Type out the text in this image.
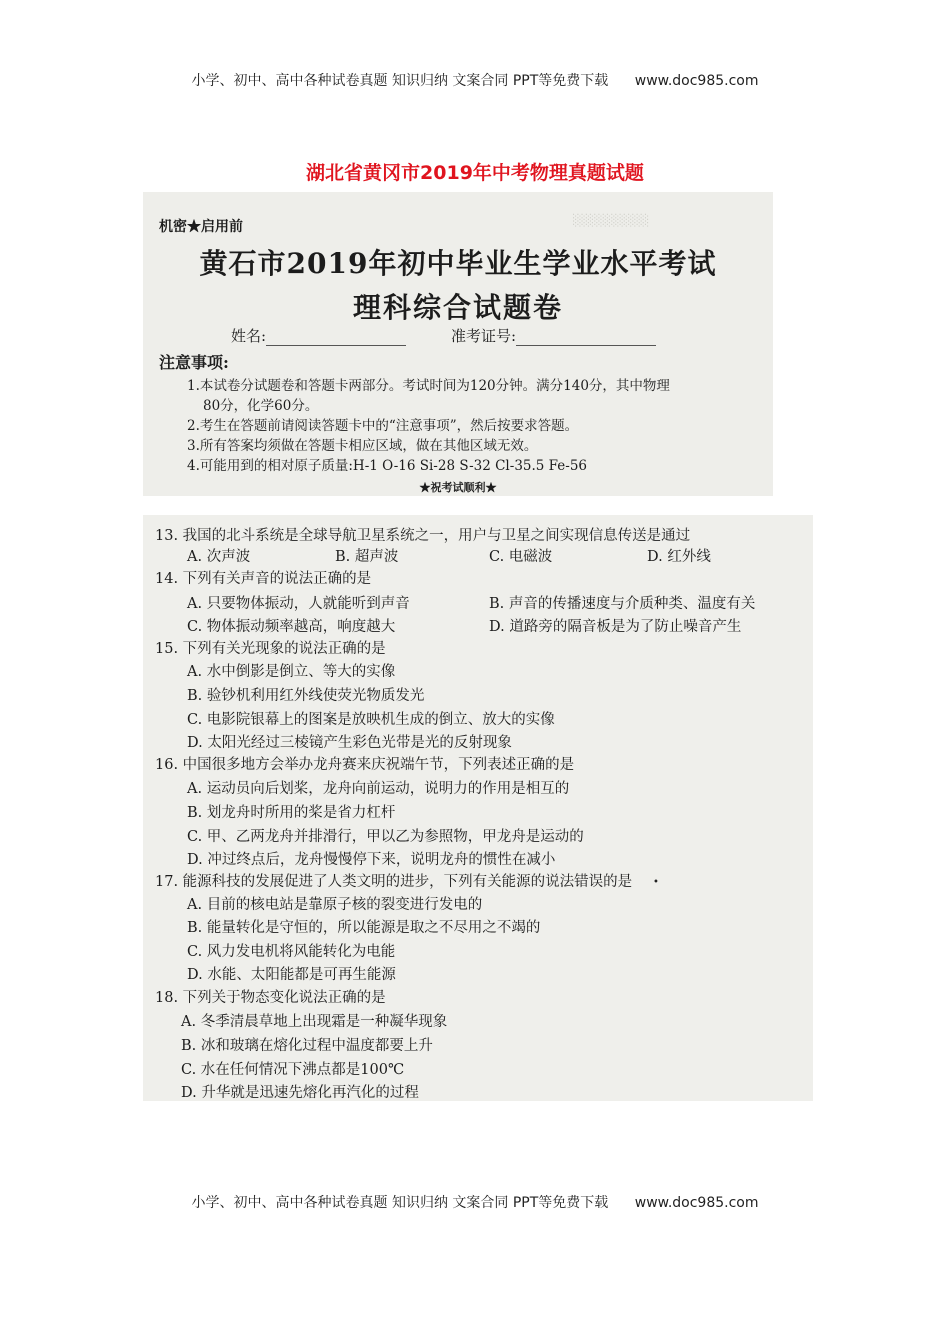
小学、初中、高中各种试卷真题 知识归纳 文案合同 PPT等免费下载 www.doc985.com
湖北省黄冈市2019年中考物理真题试题
░░░░░░░░░
机密★启用前
黄石市2019年初中毕业生学业水平考试
理科综合试题卷
姓名:	准考证号:
注意事项:
1.本试卷分试题卷和答题卡两部分。考试时间为120分钟。满分140分，其中物理
80分，化学60分。
2.考生在答题前请阅读答题卡中的“注意事项”，然后按要求答题。
3.所有答案均须做在答题卡相应区域，做在其他区域无效。
4.可能用到的相对原子质量:H-1 O-16 Si-28 S-32 Cl-35.5 Fe-56
★祝考试顺利★
13. 我国的北斗系统是全球导航卫星系统之一，用户与卫星之间实现信息传送是通过
A. 次声波	B. 超声波	C. 电磁波	D. 红外线
14. 下列有关声音的说法正确的是
A. 只要物体振动，人就能听到声音	B. 声音的传播速度与介质种类、温度有关
C. 物体振动频率越高，响度越大	D. 道路旁的隔音板是为了防止噪音产生
15. 下列有关光现象的说法正确的是
A. 水中倒影是倒立、等大的实像
B. 验钞机利用红外线使荧光物质发光
C. 电影院银幕上的图案是放映机生成的倒立、放大的实像
D. 太阳光经过三棱镜产生彩色光带是光的反射现象
16. 中国很多地方会举办龙舟赛来庆祝端午节，下列表述正确的是
A. 运动员向后划桨，龙舟向前运动，说明力的作用是相互的
B. 划龙舟时所用的桨是省力杠杆
C. 甲、乙两龙舟并排滑行，甲以乙为参照物，甲龙舟是运动的
D. 冲过终点后，龙舟慢慢停下来，说明龙舟的惯性在减小
17. 能源科技的发展促进了人类文明的进步，下列有关能源的说法错误的是
A. 目前的核电站是靠原子核的裂变进行发电的
B. 能量转化是守恒的，所以能源是取之不尽用之不竭的
C. 风力发电机将风能转化为电能
D. 水能、太阳能都是可再生能源
18. 下列关于物态变化说法正确的是
A. 冬季清晨草地上出现霜是一种凝华现象
B. 冰和玻璃在熔化过程中温度都要上升
C. 水在任何情况下沸点都是100℃
D. 升华就是迅速先熔化再汽化的过程
•
小学、初中、高中各种试卷真题 知识归纳 文案合同 PPT等免费下载 www.doc985.com
